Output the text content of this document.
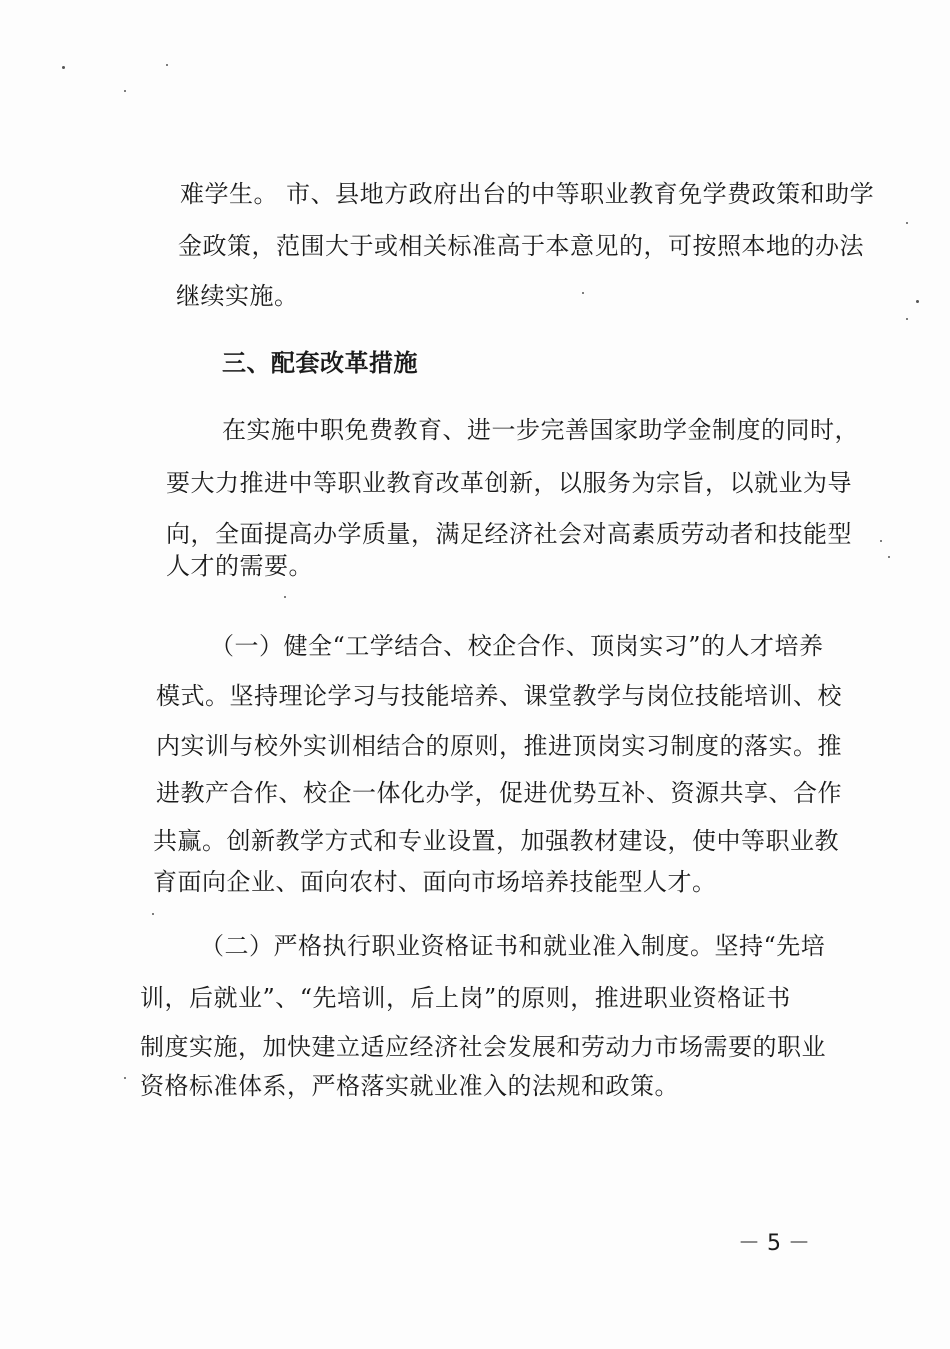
难学生。 市、县地方政府出台的中等职业教育免学费政策和助学
金政策，范围大于或相关标准高于本意见的，可按照本地的办法
继续实施。
三、配套改革措施
在实施中职免费教育、进一步完善国家助学金制度的同时，
要大力推进中等职业教育改革创新，以服务为宗旨，以就业为导
向，全面提高办学质量，满足经济社会对高素质劳动者和技能型
人才的需要。
（一）健全“工学结合、校企合作、顶岗实习”的人才培养
模式。坚持理论学习与技能培养、课堂教学与岗位技能培训、校
内实训与校外实训相结合的原则，推进顶岗实习制度的落实。推
进教产合作、校企一体化办学，促进优势互补、资源共享、合作
共赢。创新教学方式和专业设置，加强教材建设，使中等职业教
育面向企业、面向农村、面向市场培养技能型人才。
（二）严格执行职业资格证书和就业准入制度。坚持“先培
训，后就业”、“先培训，后上岗”的原则，推进职业资格证书
制度实施，加快建立适应经济社会发展和劳动力市场需要的职业
资格标准体系，严格落实就业准入的法规和政策。
－ 5 －
